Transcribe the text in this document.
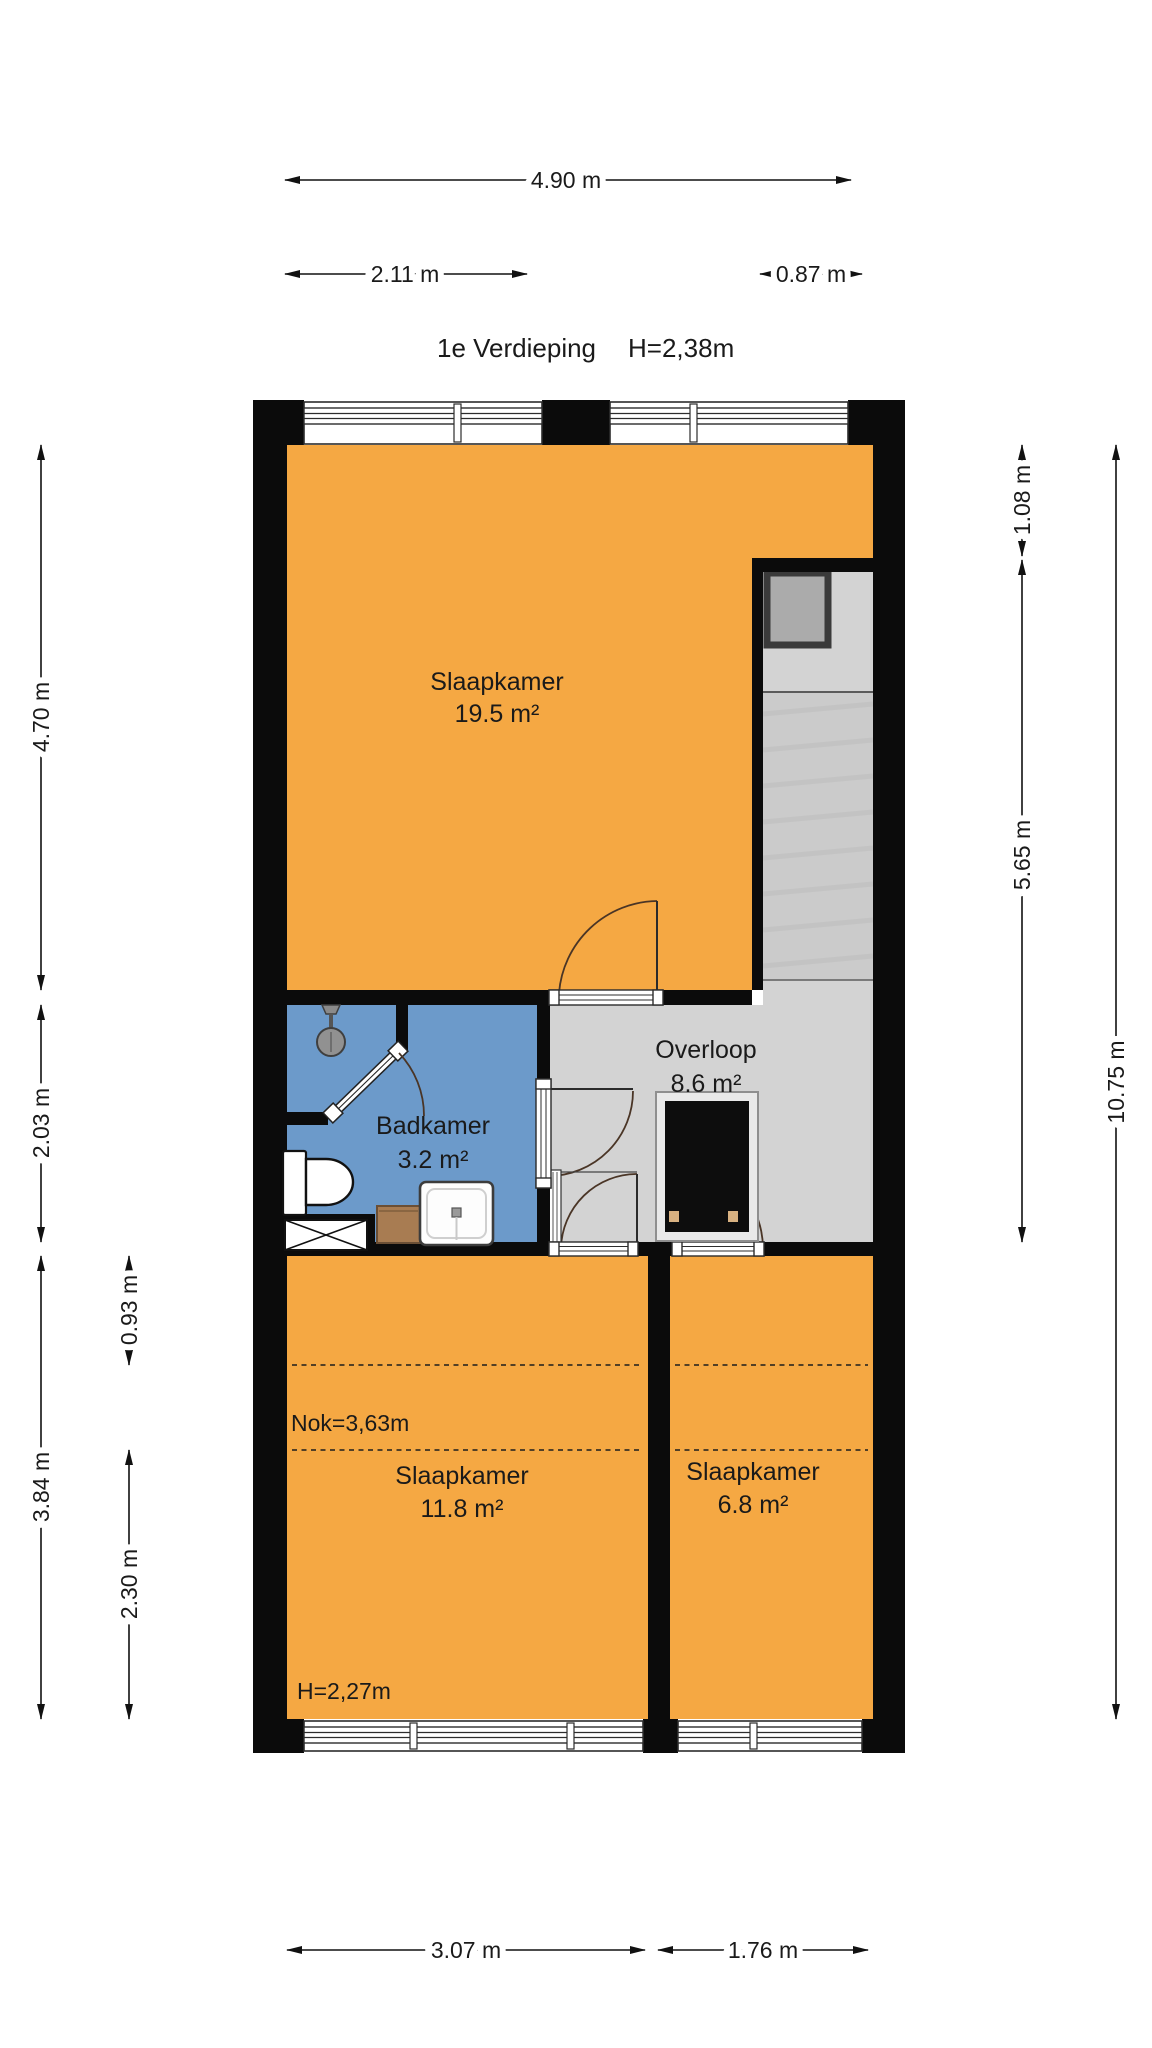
1e Verdieping H=2,38m
Slaapkamer
19.5 m²
Overloop
8.6 m²
Badkamer
3.2 m²
Slaapkamer
11.8 m²
Slaapkamer
6.8 m²
Nok=3,63m
H=2,27m
4.90 m
2.11 m	0.87 m
3.07 m	1.76 m
4.70 m
2.03 m
3.84 m
0.93 m
2.30 m
1.08 m
5.65 m
10.75 m
